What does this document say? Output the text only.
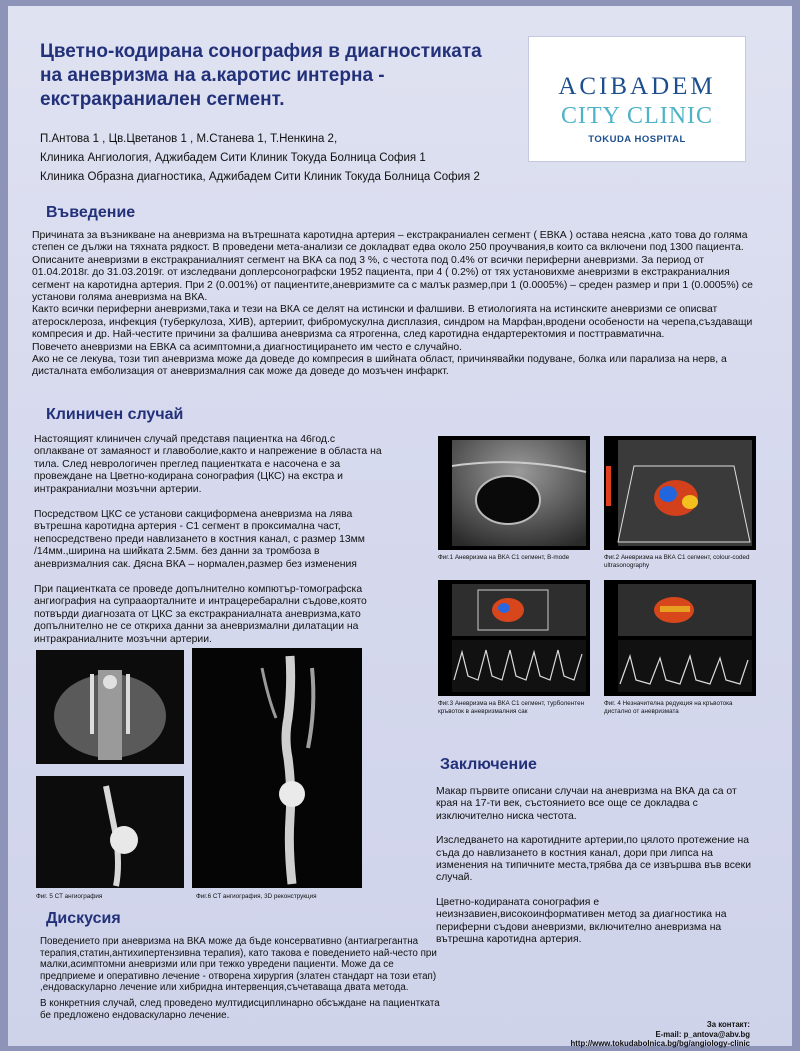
Цветно-кодирана сонография в диагностиката на аневризма на а.каротис интерна - екстракраниален сегмент.
П.Антова 1 , Цв.Цветанов 1 , М.Станева 1, Т.Ненкина 2,
Клиника Ангиология, Аджибадем Сити Клиник Токуда Болница София 1
Клиника Образна диагностика, Аджибадем Сити Клиник Токуда Болница София 2
ACIBADEM
CITY CLINIC
TOKUDA HOSPITAL
Въведение

Причината за възникване на аневризма на вътрешната каротидна артерия – екстракраниален сегмент ( ЕВКА ) остава неясна ,като това до голяма степен се дължи на тяхната рядкост. В проведени мета-анализи се докладват едва около 250 проучвания,в които са включени под 1300 пациента. Описаните аневризми в екстракраниалният сегмент на ВКА са под 3 %, с честота под 0.4% от всички периферни аневризми. За период от 01.04.2018г. до 31.03.2019г. от изследвани доплерсонографски 1952 пациента, при 4 ( 0.2%) от тях установихме аневризми в екстракраниалния сегмент на каротидна артерия. При 2 (0.001%) от пациентите,аневризмите са с малък размер,при 1 (0.0005%) – средeн размер и при 1 (0.0005%) се установи голяма аневризма на ВКА.

Както всички периферни аневризми,така и тези на ВКА се делят на истински и фалшиви. В етиологията на истинските аневризми се описват атеросклероза, инфекция (туберкулоза, ХИВ), артериит, фибромускулна дисплазия, синдром на Марфан,вродени особености на черепа,създаващи компресия и др. Най-честите причини за фалшива аневризма са ятрогенна, след каротидна ендартеректомия и посттравматична.

Повечето аневризми на ЕВКА са асимптомни,а диагностицирането им често е случайно.

Ако не се лекува, този тип аневризма може да доведе до компресия в шийната област, причинявайки подуване, болка или парализа на нерв, а дисталната емболизация от аневризмалния сак може да доведе до мозъчен инфаркт.

Клиничен случай

Настоящият клиничен случай представя пациентка на 46год.с оплакване от замаяност и главоболие,както и напрежение в областа на тила. След неврологичен преглед пациентката е насочена е за провеждане на Цветно-кодирана сонография (ЦКС) на екстра и интракраниални мозъчни артерии.

Посредством ЦКС се установи сакциформена аневризма на лява вътрешна каротидна артерия - С1 сегмент в проксимална част, непосредствено преди навлизането в костния канал, с размер 13мм /14мм.,ширина на шийката 2.5мм. без данни за тромбоза в аневризмалния сак. Дясна ВКА – нормален,размер без изменения

При пациентката се проведе допълнително компютър-томографска ангиография на супрааорталните и интрацеребарални съдове,която потвърди диагнозата от ЦКС за екстракраниалната аневризма,като допълнително не се откриха данни за аневризмални дилатации на интракраниалните мозъчни артерии.

Фиг.1 Аневризма на ВКА С1 сегмент, B-mode	Фиг.2 Аневризма на ВКА С1 сегмент, colour-coded ultrasonography
Фиг.3 Аневризма на ВКА С1 сегмент, турболентен кръвоток в аневризмалния сак
Фиг. 4 Незначителна редукция на кръвотока дистално от аневризмата
Фиг. 5 CT ангиография	Фиг.6 CT ангиография, 3D реконструкция
Заключение

Макар първите описани случаи на аневризма на ВКА да са от края на 17-ти век, състоянието все още се докладва с изключително ниска честота.

Изследването на каротидните артерии,по цялото протежение на съда до навлизането в костния канал, дори при липса на изменения на типичните места,трябва да се извършва във всеки случай.

Цветно-кодираната сонография е неизнзавиен,високоинформативен метод за диагностика на периферни съдови аневризми, включително аневризма на вътрешна каротидна артерия.

Дискусия

Поведението при аневризма на ВКА може да бъде консервативно (антиагрегантна терапия,статин,антихипертензивна терапия), като такова е поведението най-често при малки,асимптомни аневризми или при тежко увредени пациенти. Може да се предприеме и оперативно лечение - отворена хирургия (златен стандарт на този етап) ,ендоваскуларно лечение или хибридна интервенция,съчетаваща двата метода.

В конкретния случай, след проведено мултидисциплинарно обсъждане на пациентката бе предложено ендоваскуларно лечение.

За контакт:
E-mail: p_antova@abv.bg
http://www.tokudabolnica.bg/bg/angiology-clinic
